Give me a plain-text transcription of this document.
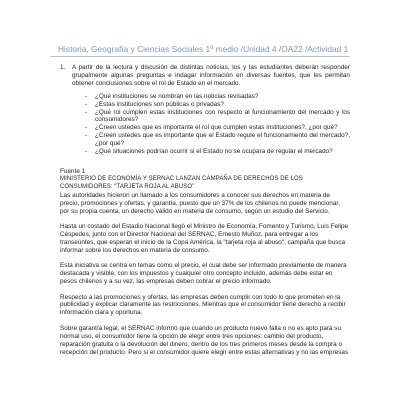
Historia, Geografía y Ciencias Sociales 1º medio /Unidad 4 /OA22 /Actividad 1
1.	A partir de la lectura y discusión de distintas noticias, los y las estudiantes deberán responder grupalmente algunas preguntas e indagar información en diversas fuentes, que les permitan obtener conclusiones sobre el rol de Estado en el mercado.
- ¿Qué instituciones se nombran en las noticias revisadas?
- ¿Estas instituciones son públicas o privadas?
- ¿Qué rol cumplen estas instituciones con respecto al funcionamiento del mercado y los consumidores?
- ¿Creen ustedes que es importante el rol que cumplen estas instituciones?, ¿por qué?
- ¿Creen ustedes que es importante que el Estado regule el funcionamiento del mercado?, ¿por qué?
- ¿Qué situaciones podrían ocurrir si el Estado no se ocupara de regular el mercado?
Fuente 1
MINISTERIO DE ECONOMÍA Y SERNAC LANZAN CAMPAÑA DE DERECHOS DE LOS
CONSUMIDORES: “TARJETA ROJA AL ABUSO”

Las autoridades hicieron un llamado a los consumidores a conocer sus derechos en materia de precio, promociones y ofertas, y garantía, puesto que un 37% de los chilenos no puede mencionar, por su propia cuenta, un derecho válido en materia de consumo, según un estudio del Servicio.

Hasta un costado del Estadio Nacional llegó el Ministro de Economía, Fomento y Turismo, Luis Felipe Céspedes, junto con el Director Nacional del SERNAC, Ernesto Muñoz, para entregar a los transeúntes, que esperan el inicio de la Copa América, la "tarjeta roja al abuso", campaña que busca informar sobre los derechos en materia de consumo.

Esta iniciativa se centra en temas como el precio, el cual debe ser informado previamente de manera destacada y visible, con los impuestos y cualquier otro concepto incluido, además debe estar en pesos chilenos y a su vez, las empresas deben cobrar el precio informado.

Respecto a las promociones y ofertas, las empresas deben cumplir con todo lo que prometen en la publicidad y explicar claramente las restricciones. Mientras que el consumidor tiene derecho a recibir información clara y oportuna.

Sobre garantía legal, el SERNAC informó que cuando un producto nuevo falla o no es apto para su normal uso, el consumidor tiene la opción de elegir entre tres opciones: cambio del producto, reparación gratuita o la devolución del dinero, dentro de los tres primeros meses desde la compra o recepción del producto. Pero si el consumidor quiere elegir entre estas alternativas y no las empresas
